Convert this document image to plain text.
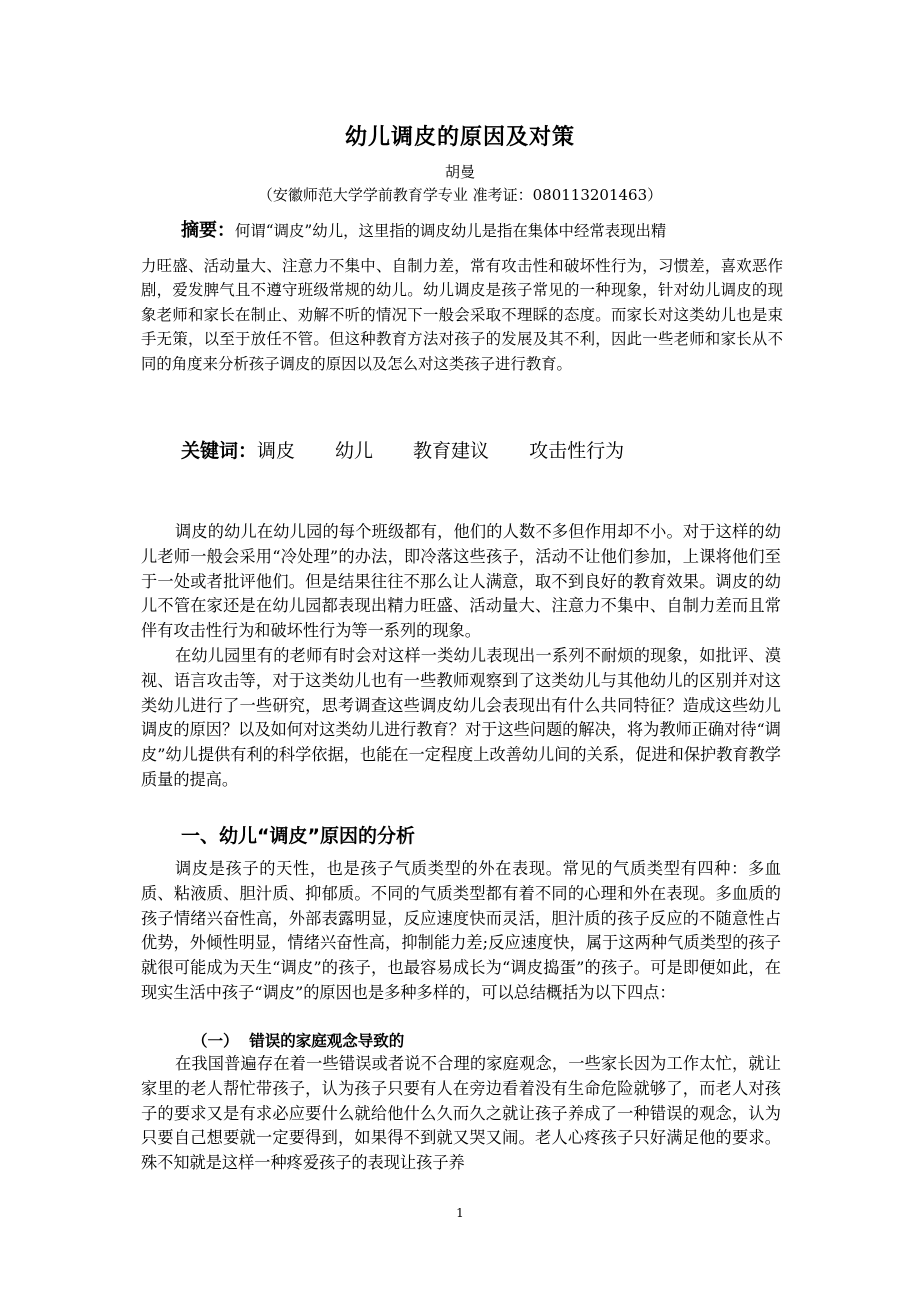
幼儿调皮的原因及对策
胡曼
（安徽师范大学学前教育学专业 准考证：080113201463）
摘要：何谓“调皮”幼儿，这里指的调皮幼儿是指在集体中经常表现出精
力旺盛、活动量大、注意力不集中、自制力差，常有攻击性和破坏性行为，习惯差，喜欢恶作剧，爱发脾气且不遵守班级常规的幼儿。幼儿调皮是孩子常见的一种现象，针对幼儿调皮的现象老师和家长在制止、劝解不听的情况下一般会采取不理睬的态度。而家长对这类幼儿也是束手无策，以至于放任不管。但这种教育方法对孩子的发展及其不利，因此一些老师和家长从不同的角度来分析孩子调皮的原因以及怎么对这类孩子进行教育。
关键词：调皮 幼儿 教育建议 攻击性行为

调皮的幼儿在幼儿园的每个班级都有，他们的人数不多但作用却不小。对于这样的幼儿老师一般会采用“冷处理”的办法，即冷落这些孩子，活动不让他们参加，上课将他们至于一处或者批评他们。但是结果往往不那么让人满意，取不到良好的教育效果。调皮的幼儿不管在家还是在幼儿园都表现出精力旺盛、活动量大、注意力不集中、自制力差而且常伴有攻击性行为和破坏性行为等一系列的现象。

在幼儿园里有的老师有时会对这样一类幼儿表现出一系列不耐烦的现象，如批评、漠视、语言攻击等，对于这类幼儿也有一些教师观察到了这类幼儿与其他幼儿的区别并对这类幼儿进行了一些研究，思考调查这些调皮幼儿会表现出有什么共同特征？造成这些幼儿调皮的原因？以及如何对这类幼儿进行教育？对于这些问题的解决，将为教师正确对待“调皮”幼儿提供有利的科学依据，也能在一定程度上改善幼儿间的关系，促进和保护教育教学质量的提高。

一、幼儿“调皮”原因的分析

调皮是孩子的天性，也是孩子气质类型的外在表现。常见的气质类型有四种：多血质、粘液质、胆汁质、抑郁质。不同的气质类型都有着不同的心理和外在表现。多血质的孩子情绪兴奋性高，外部表露明显，反应速度快而灵活，胆汁质的孩子反应的不随意性占优势，外倾性明显，情绪兴奋性高，抑制能力差;反应速度快，属于这两种气质类型的孩子就很可能成为天生“调皮”的孩子，也最容易成长为“调皮捣蛋”的孩子。可是即便如此，在现实生活中孩子“调皮”的原因也是多种多样的，可以总结概括为以下四点：

（一）  错误的家庭观念导致的

在我国普遍存在着一些错误或者说不合理的家庭观念，一些家长因为工作太忙，就让家里的老人帮忙带孩子，认为孩子只要有人在旁边看着没有生命危险就够了，而老人对孩子的要求又是有求必应要什么就给他什么久而久之就让孩子养成了一种错误的观念，认为只要自己想要就一定要得到，如果得不到就又哭又闹。老人心疼孩子只好满足他的要求。殊不知就是这样一种疼爱孩子的表现让孩子养

1
